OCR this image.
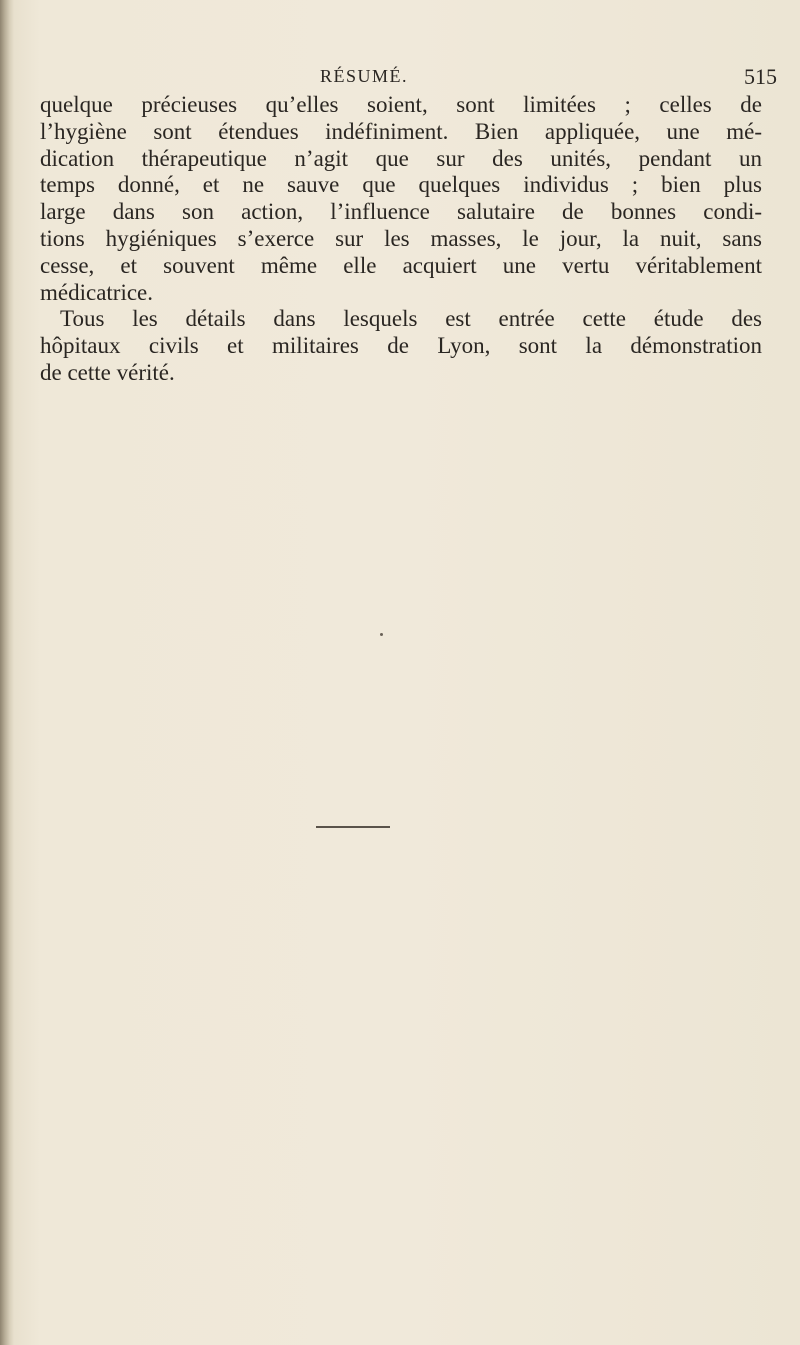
RÉSUMÉ.	515
quelque précieuses qu’elles soient, sont limitées ; celles de
l’hygiène sont étendues indéfiniment. Bien appliquée, une mé-
dication thérapeutique n’agit que sur des unités, pendant un
temps donné, et ne sauve que quelques individus ; bien plus
large dans son action, l’influence salutaire de bonnes condi-
tions hygiéniques s’exerce sur les masses, le jour, la nuit, sans
cesse, et souvent même elle acquiert une vertu véritablement
médicatrice.
Tous les détails dans lesquels est entrée cette étude des
hôpitaux civils et militaires de Lyon, sont la démonstration
de cette vérité.
